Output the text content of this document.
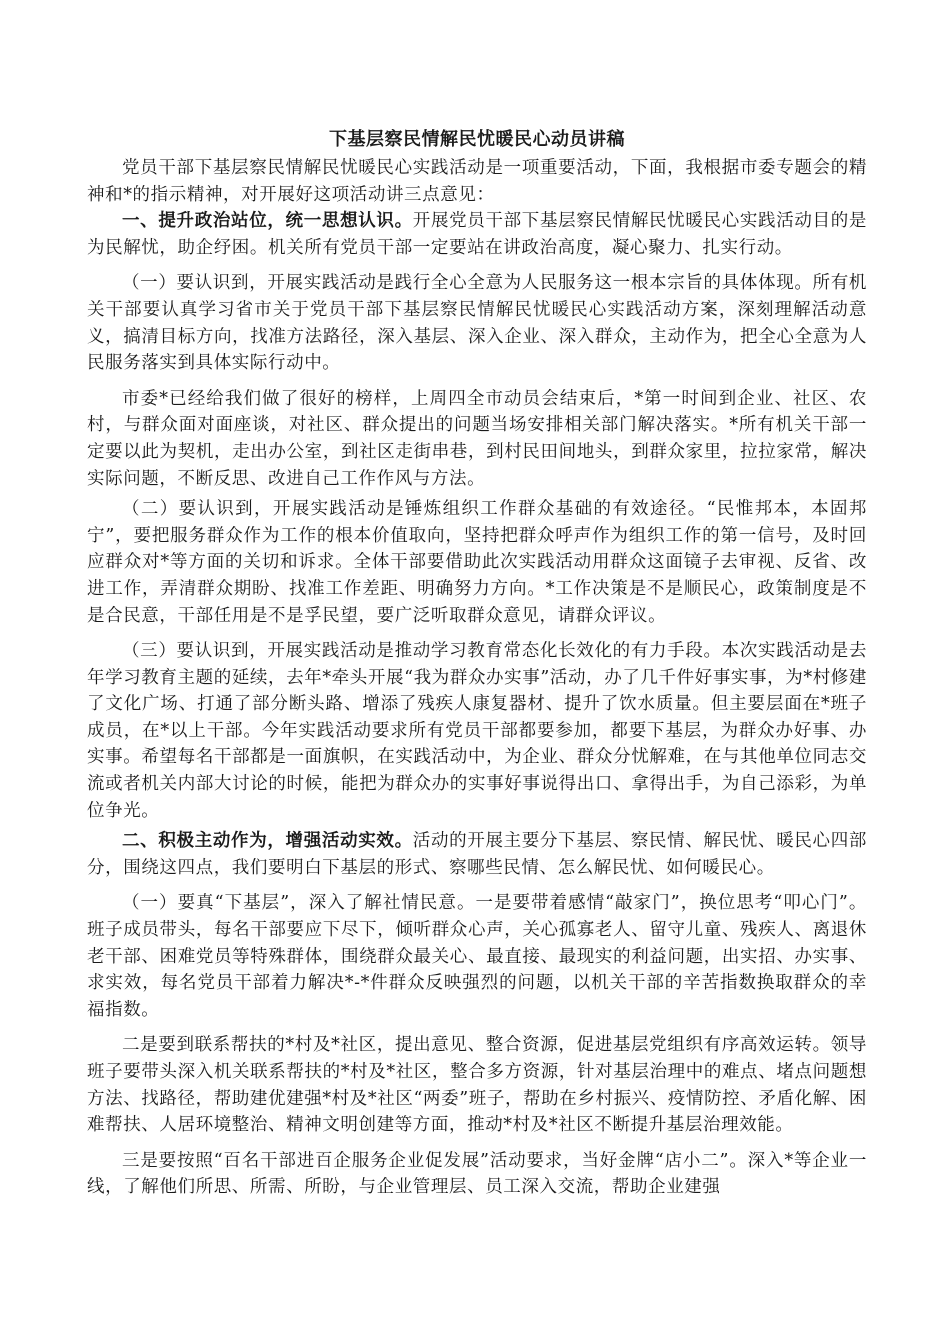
下基层察民情解民忧暖民心动员讲稿

党员干部下基层察民情解民忧暖民心实践活动是一项重要活动，下面，我根据市委专题会的精神和*的指示精神，对开展好这项活动讲三点意见：

一、提升政治站位，统一思想认识。开展党员干部下基层察民情解民忧暖民心实践活动目的是为民解忧，助企纾困。机关所有党员干部一定要站在讲政治高度，凝心聚力、扎实行动。

（一）要认识到，开展实践活动是践行全心全意为人民服务这一根本宗旨的具体体现。所有机关干部要认真学习省市关于党员干部下基层察民情解民忧暖民心实践活动方案，深刻理解活动意义，搞清目标方向，找准方法路径，深入基层、深入企业、深入群众，主动作为，把全心全意为人民服务落实到具体实际行动中。

市委*已经给我们做了很好的榜样，上周四全市动员会结束后，*第一时间到企业、社区、农村，与群众面对面座谈，对社区、群众提出的问题当场安排相关部门解决落实。*所有机关干部一定要以此为契机，走出办公室，到社区走街串巷，到村民田间地头，到群众家里，拉拉家常，解决实际问题，不断反思、改进自己工作作风与方法。

（二）要认识到，开展实践活动是锤炼组织工作群众基础的有效途径。“民惟邦本，本固邦宁”，要把服务群众作为工作的根本价值取向，坚持把群众呼声作为组织工作的第一信号，及时回应群众对*等方面的关切和诉求。全体干部要借助此次实践活动用群众这面镜子去审视、反省、改进工作，弄清群众期盼、找准工作差距、明确努力方向。*工作决策是不是顺民心，政策制度是不是合民意，干部任用是不是孚民望，要广泛听取群众意见，请群众评议。

（三）要认识到，开展实践活动是推动学习教育常态化长效化的有力手段。本次实践活动是去年学习教育主题的延续，去年*牵头开展“我为群众办实事”活动，办了几千件好事实事，为*村修建了文化广场、打通了部分断头路、增添了残疾人康复器材、提升了饮水质量。但主要层面在*班子成员，在*以上干部。今年实践活动要求所有党员干部都要参加，都要下基层，为群众办好事、办实事。希望每名干部都是一面旗帜，在实践活动中，为企业、群众分忧解难，在与其他单位同志交流或者机关内部大讨论的时候，能把为群众办的实事好事说得出口、拿得出手，为自己添彩，为单位争光。

二、积极主动作为，增强活动实效。活动的开展主要分下基层、察民情、解民忧、暖民心四部分，围绕这四点，我们要明白下基层的形式、察哪些民情、怎么解民忧、如何暖民心。

（一）要真“下基层”，深入了解社情民意。一是要带着感情“敲家门”，换位思考“叩心门”。班子成员带头，每名干部要应下尽下，倾听群众心声，关心孤寡老人、留守儿童、残疾人、离退休老干部、困难党员等特殊群体，围绕群众最关心、最直接、最现实的利益问题，出实招、办实事、求实效，每名党员干部着力解决*-*件群众反映强烈的问题，以机关干部的辛苦指数换取群众的幸福指数。

二是要到联系帮扶的*村及*社区，提出意见、整合资源，促进基层党组织有序高效运转。领导班子要带头深入机关联系帮扶的*村及*社区，整合多方资源，针对基层治理中的难点、堵点问题想方法、找路径，帮助建优建强*村及*社区“两委”班子，帮助在乡村振兴、疫情防控、矛盾化解、困难帮扶、人居环境整治、精神文明创建等方面，推动*村及*社区不断提升基层治理效能。

三是要按照“百名干部进百企服务企业促发展”活动要求，当好金牌“店小二”。深入*等企业一线，了解他们所思、所需、所盼，与企业管理层、员工深入交流，帮助企业建强
